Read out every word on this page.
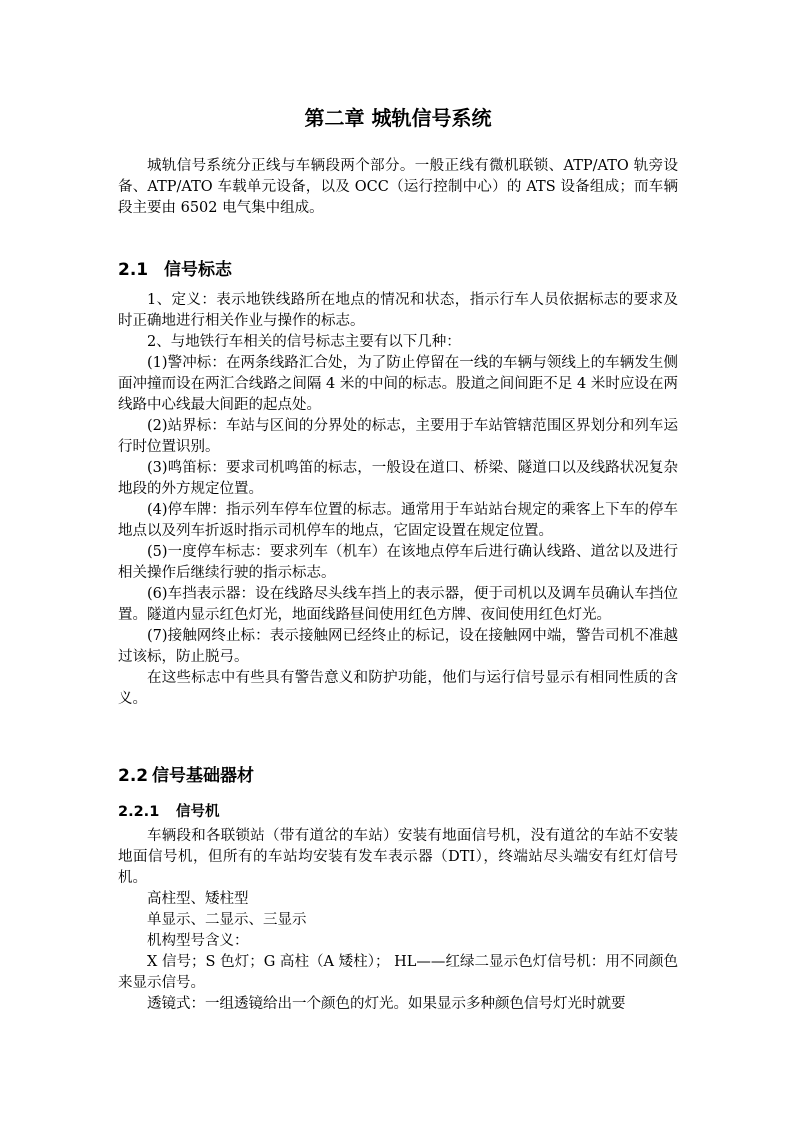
第二章 城轨信号系统

城轨信号系统分正线与车辆段两个部分。一般正线有微机联锁、ATP/ATO 轨旁设备、ATP/ATO 车载单元设备，以及 OCC（运行控制中心）的 ATS 设备组成；而车辆段主要由 6502 电气集中组成。

2.1 信号标志

1、定义：表示地铁线路所在地点的情况和状态，指示行车人员依据标志的要求及时正确地进行相关作业与操作的标志。

2、与地铁行车相关的信号标志主要有以下几种：

(1)警冲标：在两条线路汇合处，为了防止停留在一线的车辆与领线上的车辆发生侧面冲撞而设在两汇合线路之间隔 4 米的中间的标志。股道之间间距不足 4 米时应设在两线路中心线最大间距的起点处。

(2)站界标：车站与区间的分界处的标志，主要用于车站管辖范围区界划分和列车运行时位置识别。

(3)鸣笛标：要求司机鸣笛的标志，一般设在道口、桥梁、隧道口以及线路状况复杂地段的外方规定位置。

(4)停车牌：指示列车停车位置的标志。通常用于车站站台规定的乘客上下车的停车地点以及列车折返时指示司机停车的地点，它固定设置在规定位置。

(5)一度停车标志：要求列车（机车）在该地点停车后进行确认线路、道岔以及进行相关操作后继续行驶的指示标志。

(6)车挡表示器：设在线路尽头线车挡上的表示器，便于司机以及调车员确认车挡位置。隧道内显示红色灯光，地面线路昼间使用红色方牌、夜间使用红色灯光。

(7)接触网终止标：表示接触网已经终止的标记，设在接触网中端，警告司机不准越过该标，防止脱弓。

在这些标志中有些具有警告意义和防护功能，他们与运行信号显示有相同性质的含义。

2.2 信号基础器材
2.2.1 信号机

车辆段和各联锁站（带有道岔的车站）安装有地面信号机，没有道岔的车站不安装地面信号机，但所有的车站均安装有发车表示器（DTI），终端站尽头端安有红灯信号机。

高柱型、矮柱型

单显示、二显示、三显示

机构型号含义：

X 信号；S 色灯；G 高柱（A 矮柱）； HL——红绿二显示色灯信号机：用不同颜色来显示信号。

透镜式：一组透镜给出一个颜色的灯光。如果显示多种颜色信号灯光时就要
